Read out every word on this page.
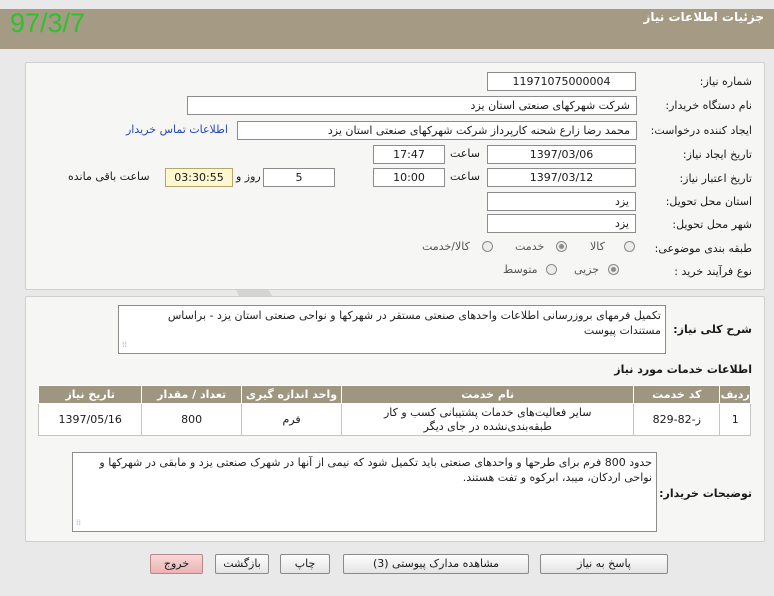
جزئیات اطلاعات نیاز
97/3/7
شماره نیاز:
1197107500000​4
نام دستگاه خریدار:
شرکت شهرکهای صنعتی استان یزد
ایجاد کننده درخواست:
محمد رضا زارع شحنه کارپرداز شرکت شهرکهای صنعتی استان یزد
اطلاعات تماس خریدار
تاریخ ایجاد نیاز:
1397/03/06
ساعت
17:47
تاریخ اعتبار نیاز:
1397/03/12
ساعت
10:00
5
روز و
03:30:55
ساعت باقی مانده
استان محل تحویل:
یزد
شهر محل تحویل:
یزد
طبقه بندی موضوعی:
کالا
خدمت
کالا/خدمت
نوع فرآیند خرید :
جزیی
متوسط
شرح کلی نیاز:
تکمیل فرمهای بروزرسانی اطلاعات واحدهای صنعتی مستقر در شهرکها و نواحی صنعتی استان یزد - براساس مستندات پیوست
⁞⁞
اطلاعات خدمات مورد نیاز
ردیف	کد خدمت	نام خدمت	واحد اندازه گیری	تعداد / مقدار	تاریخ نیاز
1	ز-82-829	سایر فعالیت‌های خدمات پشتیبانی کسب و کار طبقه‌بندی‌نشده در جای دیگر	فرم	800	1397/05/16
توضیحات خریدار:
حدود 800 فرم برای طرحها و واحدهای صنعتی باید تکمیل شود که نیمی از آنها در شهرک صنعتی یزد و مابقی در شهرکها و نواحی اردکان، میبد، ابرکوه و تفت هستند.
⁞⁞
پاسخ به نیاز
مشاهده مدارک پیوستی (3)
چاپ
بازگشت
خروج
